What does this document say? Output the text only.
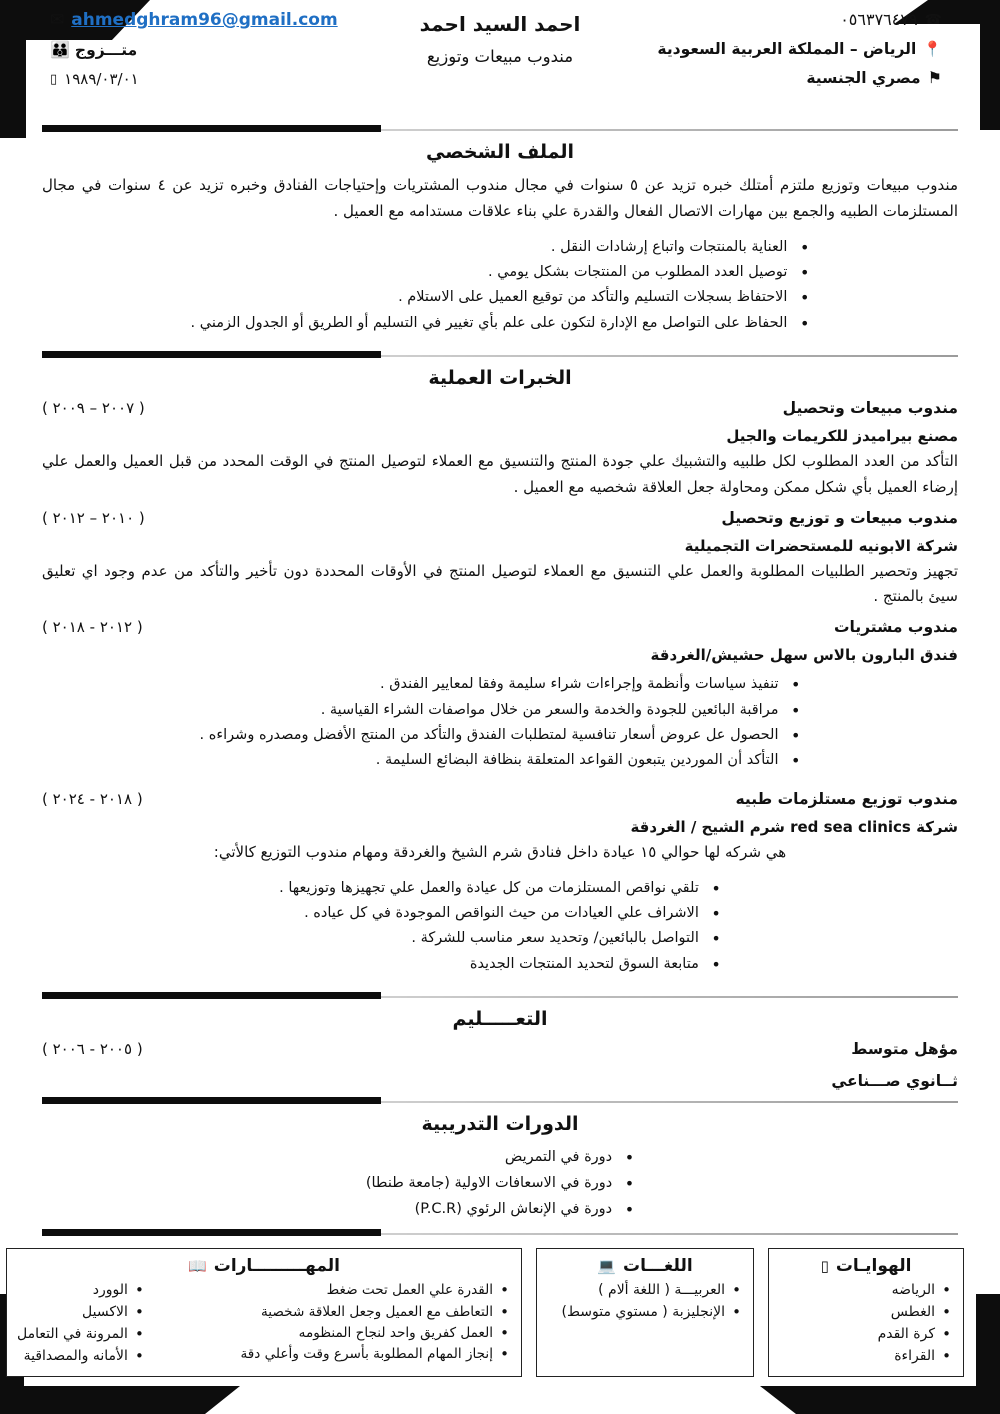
☎
٠٥٦٣٧٦٤٧٩
📍
الرياض – المملكة العربية السعودية
⚑
مصري الجنسية
احمد السيد احمد
مندوب مبيعات وتوزيع
ahmedghram96@gmail.com
✉
متـــزوج
👪
١٩٨٩/٠٣/٠١
▯
الملف الشخصي

مندوب مبيعات وتوزيع ملتزم أمتلك خبره تزيد عن ٥ سنوات في مجال مندوب المشتريات وإحتياجات الفنادق وخبره تزيد عن ٤ سنوات في مجال المستلزمات الطبيه والجمع بين مهارات الاتصال الفعال والقدرة علي بناء علاقات مستدامه مع العميل .

• العناية بالمنتجات واتباع إرشادات النقل .
• توصيل العدد المطلوب من المنتجات بشكل يومي .
• الاحتفاظ بسجلات التسليم والتأكد من توقيع العميل على الاستلام .
• الحفاظ على التواصل مع الإدارة لتكون على علم بأي تغيير في التسليم أو الطريق أو الجدول الزمني .
الخبرات العملية
مندوب مبيعات وتحصيل
( ٢٠٠٧ – ٢٠٠٩ )
مصنع بيراميدز للكريمات والجيل

التأكد من العدد المطلوب لكل طلبيه والتشبيك علي جودة المنتج والتنسيق مع العملاء لتوصيل المنتج في الوقت المحدد من قبل العميل والعمل علي إرضاء العميل بأي شكل ممكن ومحاولة جعل العلاقة شخصيه مع العميل .

مندوب مبيعات و توزيع وتحصيل
( ٢٠١٠ – ٢٠١٢ )
شركة الابونيه للمستحضرات التجميلية

تجهيز وتحصير الطلبيات المطلوبة والعمل علي التنسيق مع العملاء لتوصيل المنتج في الأوقات المحددة دون تأخير والتأكد من عدم وجود اي تعليق سيئ بالمنتج .

مندوب مشتريات
( ٢٠١٢ - ٢٠١٨ )
فندق البارون بالاس سهل حشيش/الغردقة
• تنفيذ سياسات وأنظمة وإجراءات شراء سليمة وفقا لمعايير الفندق .
• مراقبة البائعين للجودة والخدمة والسعر من خلال مواصفات الشراء القياسية .
• الحصول عل عروض أسعار تنافسية لمتطلبات الفندق والتأكد من المنتج الأفضل ومصدره وشراءه .
• التأكد أن الموردين يتبعون القواعد المتعلقة بنظافة البضائع السليمة .
مندوب توزيع مستلزمات طبيه
( ٢٠١٨ - ٢٠٢٤ )
شركة red sea clinics شرم الشيح / الغردقة

هي شركه لها حوالي ١٥ عيادة داخل فنادق شرم الشيخ والغردقة ومهام مندوب التوزيع كالأتي:

• تلقي نواقص المستلزمات من كل عيادة والعمل علي تجهيزها وتوزيعها .
• الاشراف علي العيادات من حيث النواقص الموجودة في كل عياده .
• التواصل بالبائعين/ وتحديد سعر مناسب للشركة .
• متابعة السوق لتحديد المنتجات الجديدة
التعـــــليم
مؤهل متوسط
( ٢٠٠٥ - ٢٠٠٦ )
ثــانوي صـــناعي
الدورات التدريبية
• دورة في التمريض
• دورة في الاسعافات الاولية (جامعة طنطا)
• دورة في الإنعاش الرئوي (P.C.R)
الهوايـات
▯
• الرياضه
• الغطس
• كرة القدم
• القراءة
اللغـــات
💻
• العربيـــة ( اللغة ألام )
• الإنجليزبة ( مستوي متوسط)
المهـــــــــارات
📖
• القدرة علي العمل تحت ضغط
• التعاطف مع العميل وجعل العلاقة شخصية
• العمل كفريق واحد لنجاح المنظومه
• إنجاز المهام المطلوبة بأسرع وقت وأعلي دقة
• الوورد
• الاكسيل
• المرونة في التعامل
• الأمانه والمصداقية
